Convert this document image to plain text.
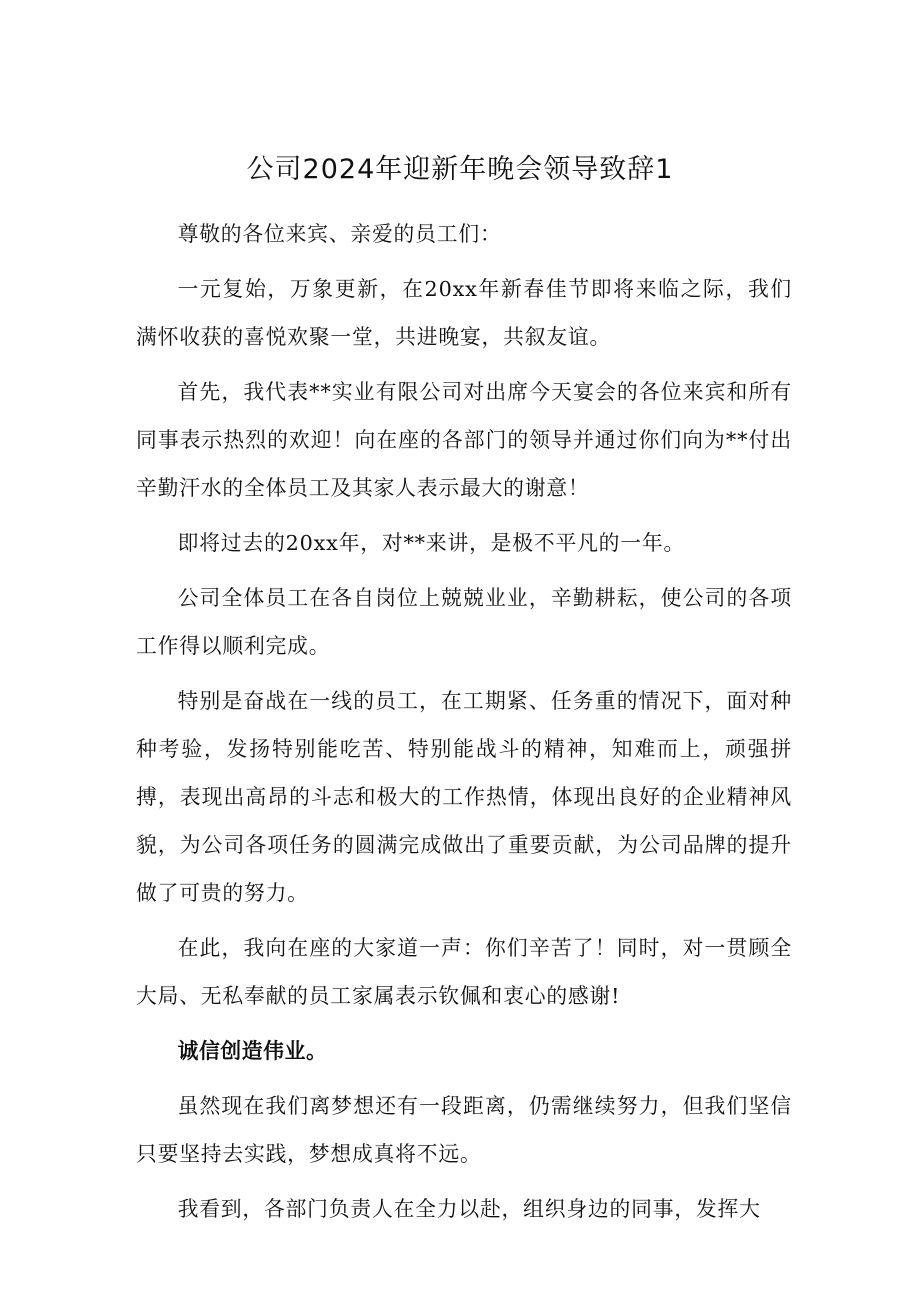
公司2024年迎新年晚会领导致辞1

尊敬的各位来宾、亲爱的员工们：

一元复始，万象更新，在20xx年新春佳节即将来临之际，我们满怀收获的喜悦欢聚一堂，共进晚宴，共叙友谊。

首先，我代表**实业有限公司对出席今天宴会的各位来宾和所有同事表示热烈的欢迎！向在座的各部门的领导并通过你们向为**付出辛勤汗水的全体员工及其家人表示最大的谢意！

即将过去的20xx年，对**来讲，是极不平凡的一年。

公司全体员工在各自岗位上兢兢业业，辛勤耕耘，使公司的各项工作得以顺利完成。

特别是奋战在一线的员工，在工期紧、任务重的情况下，面对种种考验，发扬特别能吃苦、特别能战斗的精神，知难而上，顽强拼搏，表现出高昂的斗志和极大的工作热情，体现出良好的企业精神风貌，为公司各项任务的圆满完成做出了重要贡献，为公司品牌的提升做了可贵的努力。

在此，我向在座的大家道一声：你们辛苦了！同时，对一贯顾全大局、无私奉献的员工家属表示钦佩和衷心的感谢!

诚信创造伟业。

虽然现在我们离梦想还有一段距离，仍需继续努力，但我们坚信只要坚持去实践，梦想成真将不远。

我看到，各部门负责人在全力以赴，组织身边的同事，发挥大
